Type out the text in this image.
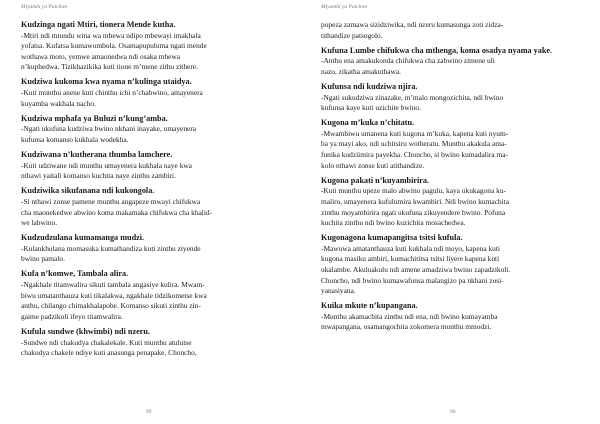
Miyambi ya Patchwe
Kudzinga ngati Mtiri, tionera Mende kutha.
-Mtiri ndi mtundu wina wa mbewa ndipo mbewayi imakhala
yofatsa. Kufatsa kumawombola. Osamapupuluma ngati mende
wothawa moto, yemwe amaonedwa ndi osaka mbewa
n’kuphedwa. Tizikhazikika kuti tione m’mene zithu zithere.
Kudziwa kukoma kwa nyama n’kulinga utaidya.
-Kuti munthu anene kuti chinthu ichi n’chabwino, amayenera
kuyamba wakhala nacho.
Kudziwa mphafa ya Buluzi n’kung’amba.
-Ngati ukufuna kudziwa bwino nkhani inayake, umayenera
kufunsa komanso kukhala wodekha.
Kudziwana n’kutherana thumba lamchere.
-Kuti udziwane ndi munthu umayenera kukhala naye kwa
nthawi yaitali komanso kuchita naye zinthu zambiri.
Kudziwika sikufanana ndi kukongola.
-Si nthawi zonse pamene munthu angapeze mwayi chifukwa
cha maonekedwe abwino koma makamaka chifukwa cha khalid-
we labwino.
Kudzudzulana kumamanga mudzi.
-Kulankhulana momasuka kumathandiza kuti zinthu ziyende
bwino pamalo.
Kufa n’komwe, Tambala alira.
-Ngakhale titamwalira sikuti tambala angasiye kulira. Mwam-
biwu umatanthauza kuti tikalakwa, ngakhale tidzikometse kwa
anthu, chilango chimakhalapobe. Komanso sikuti zinthu zin-
gaime padzikoli ifeyo titamwalira.
Kufula sundwe (khwimbi) ndi nzeru.
-Sundwe ndi chakudya chakalekale. Kuti munthu atulutse
chakudya chakele ndiye kuti anasunga penapake. Choncho,
89
Miyambi ya Patchwe
popeza zamawa sizidziwika, ndi nzeru kumasunga zoti zidza-
tithandize patsogolo.
Kufuna Lumbe chifukwa cha mthenga, koma osadya nyama yake.
-Anthu ena amakukonda chifukwa cha zabwino zimene uli
nazo, zikatha amakuthawa.
Kufunsa ndi kudziwa njira.
-Ngati sukudziwa zinazake, m’malo mongozichita, ndi bwino
kufunsa kaye kuti uzichite bwino.
Kugona m’kuka n’chitatu.
-Mwambiwu umanena kuti kugona m’kuka, kapena kuti nyum-
ba ya mayi ako, ndi uchitsiru wotheratu. Munthu akakula ama-
funika kudziimira payekha. Choncho, si bwino kumadalira ma-
kolo nthawi zonse kuti atithandize.
Kugona pakati n’kuyambirira.
-Kuti munthu upeze malo abwino pagulu, kaya ukukagona ku-
maliro, umayenera kufulumira kwambiri. Ndi bwino kumachita
zinthu moyambirira ngati ukufuna zikuyendere bwino. Pofuna
kuchita zinthu ndi bwino kuzichita mosachedwa.
Kugonagona kumapangitsa tsitsi kufula.
-Mawuwa amatanthauza kuti kukhala ndi moyo, kapena kuti
kugona masiku ambiri, kumachititsa tsitsi liyere kapena kuti
ukalambe. Akuluakulu ndi amene amadziwa bwino zapadzikoli.
Choncho, ndi bwino kumawafunsa malangizo pa nkhani zosi-
yanasiyana.
Kuika mkute n’kupangana.
-Munthu akamachita zinthu ndi ena, ndi bwino kumayamba
mwapangana, osamangochita zokomera munthu mmodzi.
90
